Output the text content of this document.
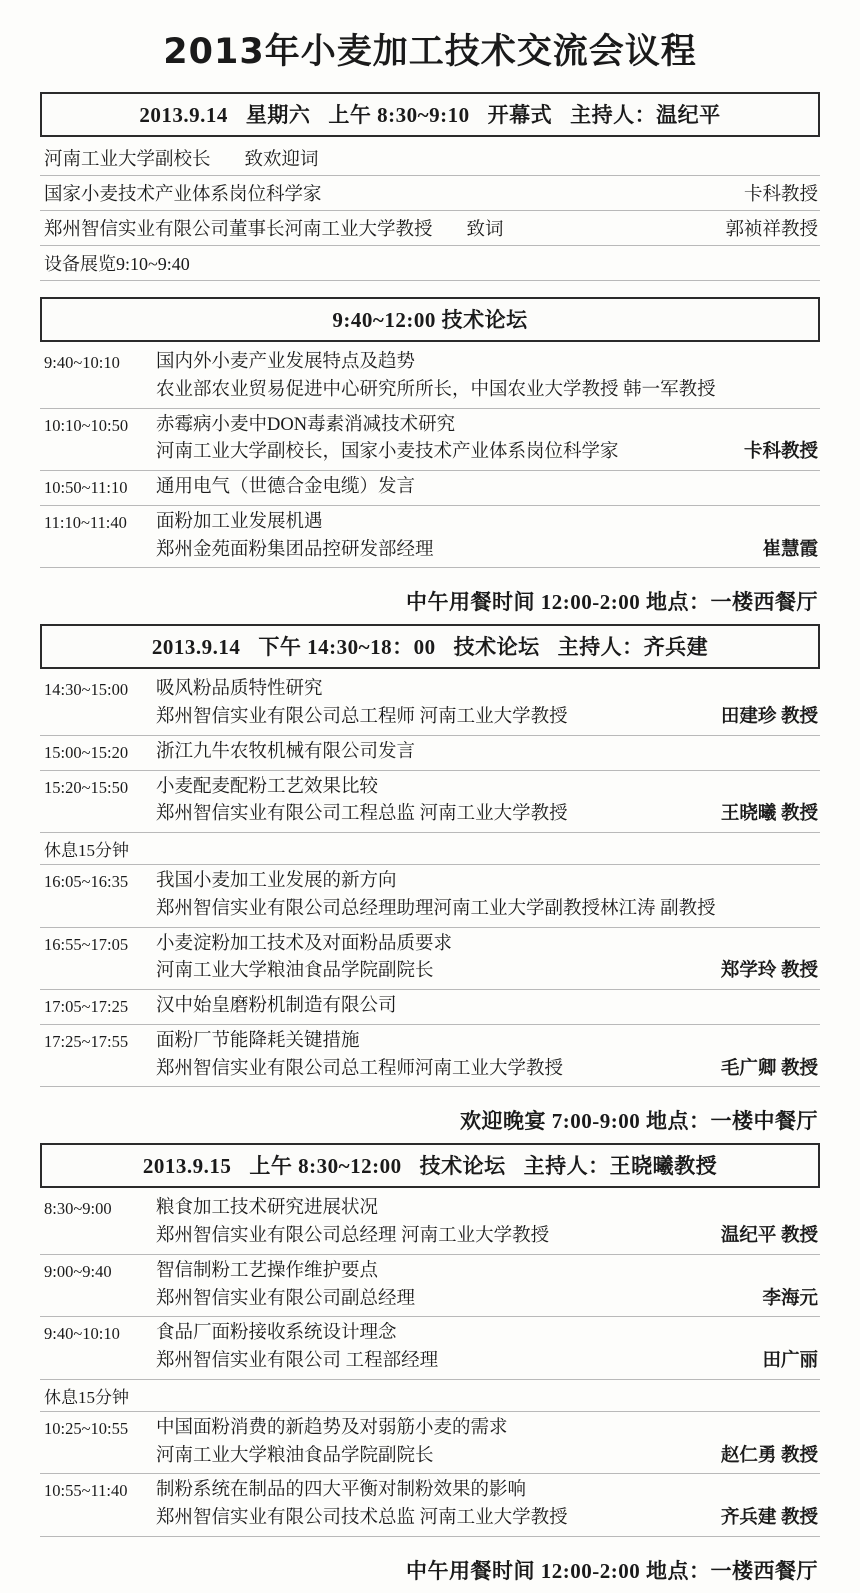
2013年小麦加工技术交流会议程
2013.9.14 星期六 上午 8:30~9:10 开幕式 主持人：温纪平
河南工业大学副校长 致欢迎词
国家小麦技术产业体系岗位科学家	卡科教授
郑州智信实业有限公司董事长河南工业大学教授 致词	郭祯祥教授
设备展览9:10~9:40
9:40~12:00 技术论坛
9:40~10:10	国内外小麦产业发展特点及趋势
农业部农业贸易促进中心研究所所长，中国农业大学教授 韩一军教授
10:10~10:50	赤霉病小麦中DON毒素消减技术研究
河南工业大学副校长，国家小麦技术产业体系岗位科学家	卡科教授
10:50~11:10	通用电气（世德合金电缆）发言
11:10~11:40	面粉加工业发展机遇
郑州金苑面粉集团品控研发部经理	崔慧霞
中午用餐时间 12:00-2:00 地点：一楼西餐厅
2013.9.14 下午 14:30~18：00 技术论坛 主持人：齐兵建
14:30~15:00	吸风粉品质特性研究
郑州智信实业有限公司总工程师 河南工业大学教授	田建珍 教授
15:00~15:20	浙江九牛农牧机械有限公司发言
15:20~15:50	小麦配麦配粉工艺效果比较
郑州智信实业有限公司工程总监 河南工业大学教授	王晓曦 教授
休息15分钟
16:05~16:35	我国小麦加工业发展的新方向
郑州智信实业有限公司总经理助理河南工业大学副教授林江涛 副教授
16:55~17:05	小麦淀粉加工技术及对面粉品质要求
河南工业大学粮油食品学院副院长	郑学玲 教授
17:05~17:25	汉中始皇磨粉机制造有限公司
17:25~17:55	面粉厂节能降耗关键措施
郑州智信实业有限公司总工程师河南工业大学教授	毛广卿 教授
欢迎晚宴 7:00-9:00 地点：一楼中餐厅
2013.9.15 上午 8:30~12:00 技术论坛 主持人：王晓曦教授
8:30~9:00	粮食加工技术研究进展状况
郑州智信实业有限公司总经理 河南工业大学教授	温纪平 教授
9:00~9:40	智信制粉工艺操作维护要点
郑州智信实业有限公司副总经理	李海元
9:40~10:10	食品厂面粉接收系统设计理念
郑州智信实业有限公司 工程部经理	田广丽
休息15分钟
10:25~10:55	中国面粉消费的新趋势及对弱筋小麦的需求
河南工业大学粮油食品学院副院长	赵仁勇 教授
10:55~11:40	制粉系统在制品的四大平衡对制粉效果的影响
郑州智信实业有限公司技术总监 河南工业大学教授	齐兵建 教授
中午用餐时间 12:00-2:00 地点：一楼西餐厅
